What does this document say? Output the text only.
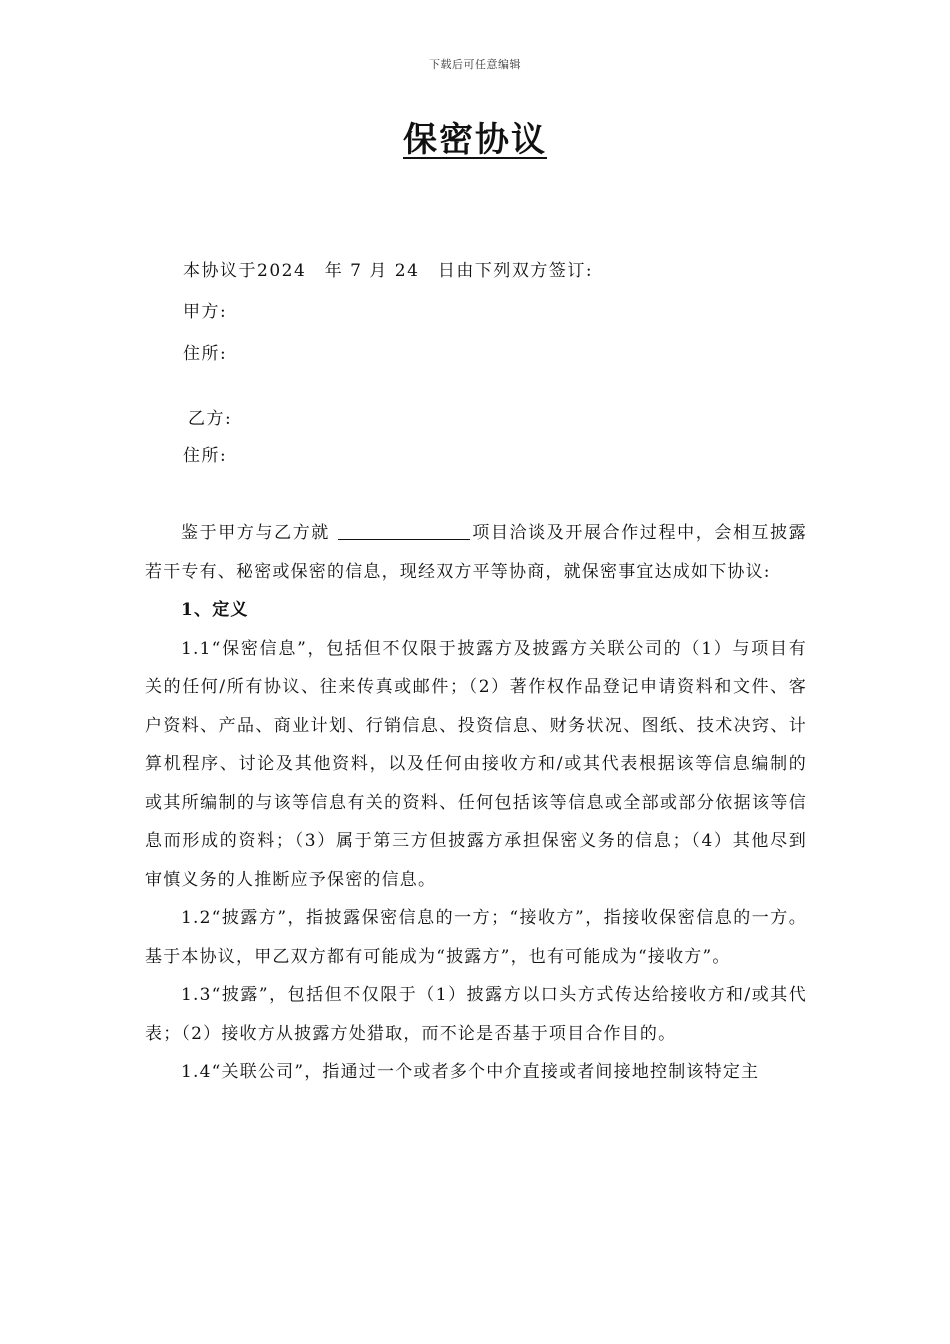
下载后可任意编辑
保密协议
本协议于2024　年 7 月 24　日由下列双方签订:
甲方:
住所:
乙方:
住所:

鉴于甲方与乙方就	项目洽谈及开展合作过程中，会相互披露若干专有、秘密或保密的信息，现经双方平等协商，就保密事宜达成如下协议:

1、定义

1.1“保密信息”，包括但不仅限于披露方及披露方关联公司的（1）与项目有关的任何/所有协议、往来传真或邮件；（2）著作权作品登记申请资料和文件、客户资料、产品、商业计划、行销信息、投资信息、财务状况、图纸、技术决窍、计算机程序、讨论及其他资料，以及任何由接收方和/或其代表根据该等信息编制的或其所编制的与该等信息有关的资料、任何包括该等信息或全部或部分依据该等信息而形成的资料；（3）属于第三方但披露方承担保密义务的信息；（4）其他尽到审慎义务的人推断应予保密的信息。

1.2“披露方”，指披露保密信息的一方；“接收方”，指接收保密信息的一方。基于本协议，甲乙双方都有可能成为“披露方”，也有可能成为“接收方”。

1.3“披露”，包括但不仅限于（1）披露方以口头方式传达给接收方和/或其代表；（2）接收方从披露方处猎取，而不论是否基于项目合作目的。

1.4“关联公司”，指通过一个或者多个中介直接或者间接地控制该特定主
